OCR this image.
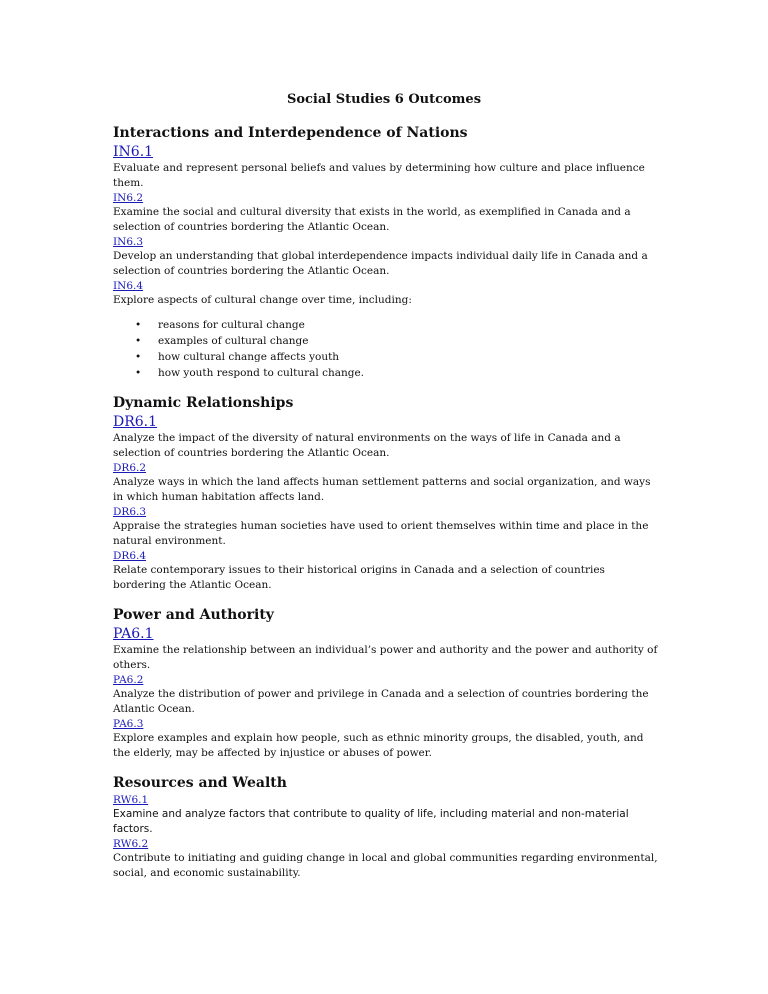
Social Studies 6 Outcomes
Interactions and Interdependence of Nations
IN6.1

Evaluate and represent personal beliefs and values by determining how culture and place influence them.

IN6.2

Examine the social and cultural diversity that exists in the world, as exemplified in Canada and a selection of countries bordering the Atlantic Ocean.

IN6.3

Develop an understanding that global interdependence impacts individual daily life in Canada and a selection of countries bordering the Atlantic Ocean.

IN6.4

Explore aspects of cultural change over time, including:

• reasons for cultural change
• examples of cultural change
• how cultural change affects youth
• how youth respond to cultural change.
Dynamic Relationships
DR6.1

Analyze the impact of the diversity of natural environments on the ways of life in Canada and a selection of countries bordering the Atlantic Ocean.

DR6.2

Analyze ways in which the land affects human settlement patterns and social organization, and ways in which human habitation affects land.

DR6.3

Appraise the strategies human societies have used to orient themselves within time and place in the natural environment.

DR6.4

Relate contemporary issues to their historical origins in Canada and a selection of countries bordering the Atlantic Ocean.

Power and Authority
PA6.1

Examine the relationship between an individual’s power and authority and the power and authority of others.

PA6.2

Analyze the distribution of power and privilege in Canada and a selection of countries bordering the Atlantic Ocean.

PA6.3

Explore examples and explain how people, such as ethnic minority groups, the disabled, youth, and the elderly, may be affected by injustice or abuses of power.

Resources and Wealth
RW6.1

Examine and analyze factors that contribute to quality of life, including material and non-material factors.

RW6.2

Contribute to initiating and guiding change in local and global communities regarding environmental, social, and economic sustainability.
